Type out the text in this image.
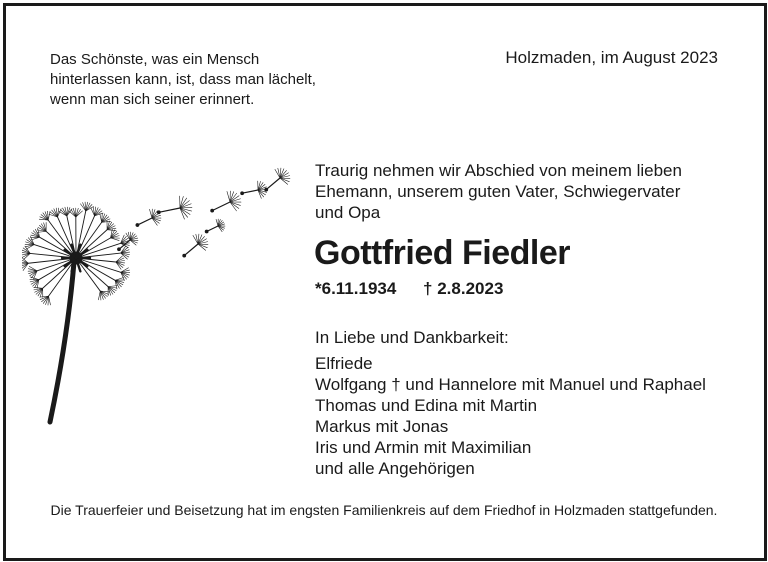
Das Schönste, was ein Mensch
hinterlassen kann, ist, dass man lächelt,
wenn man sich seiner erinnert.
Holzmaden, im August 2023
Traurig nehmen wir Abschied von meinem lieben
Ehemann, unserem guten Vater, Schwiegervater
und Opa
Gottfried Fiedler
*6.11.1934 † 2.8.2023
In Liebe und Dankbarkeit:
Elfriede
Wolfgang † und Hannelore mit Manuel und Raphael
Thomas und Edina mit Martin
Markus mit Jonas
Iris und Armin mit Maximilian
und alle Angehörigen
Die Trauerfeier und Beisetzung hat im engsten Familienkreis auf dem Friedhof in Holzmaden stattgefunden.
